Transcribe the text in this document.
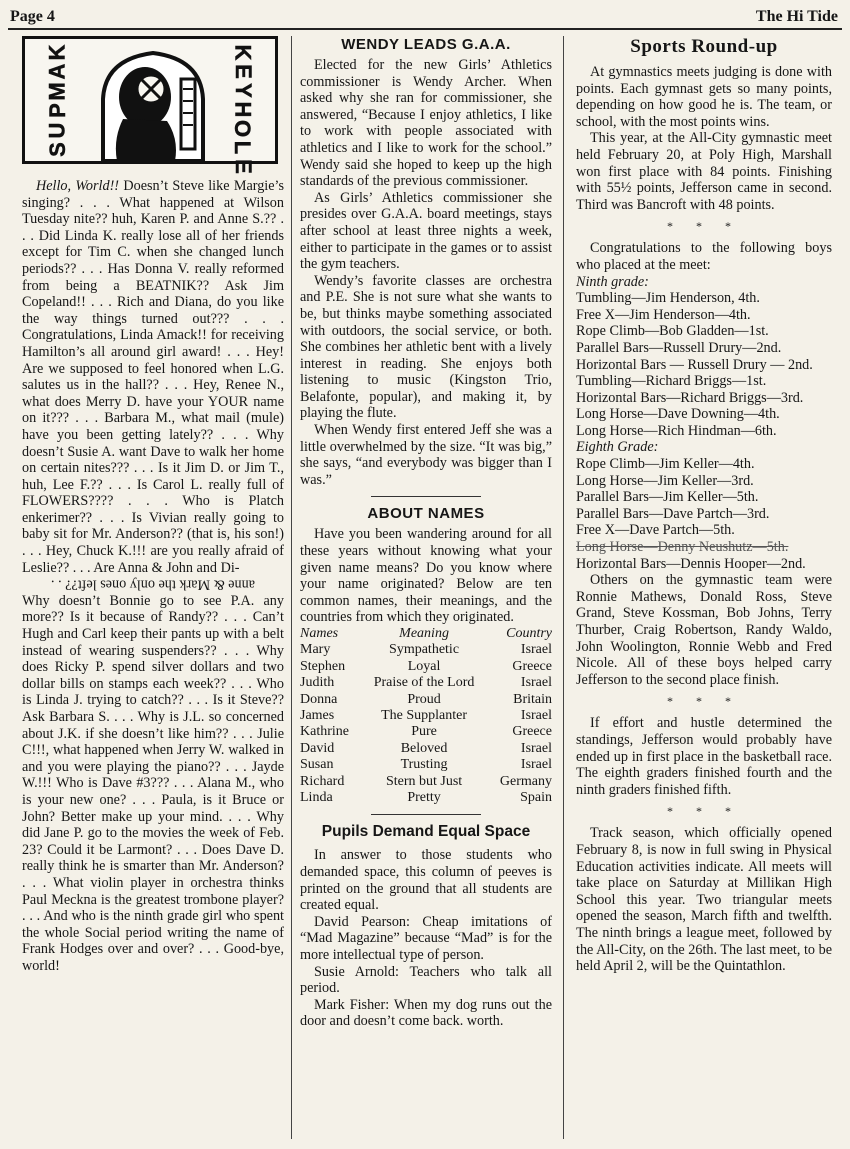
Page 4	The Hi Tide
K
A
M
P
U
S
K
E
Y
H
O
L
E

Hello, World!! Doesn’t Steve like Margie’s singing? . . . What happened at Wilson Tuesday nite?? huh, Karen P. and Anne S.?? . . . Did Linda K. really lose all of her friends except for Tim C. when she changed lunch periods?? . . . Has Donna V. really reformed from being a BEATNIK?? Ask Jim Copeland!! . . . Rich and Diana, do you like the way things turned out??? . . . Congratulations, Linda Amack!! for receiving Hamilton’s all around girl award! . . . Hey! Are we supposed to feel honored when L.G. salutes us in the hall?? . . . Hey, Renee N., what does Merry D. have your YOUR name on it??? . . . Barbara M., what mail (mule) have you been getting lately?? . . . Why doesn’t Susie A. want Dave to walk her home on certain nites??? . . . Is it Jim D. or Jim T., huh, Lee F.?? . . . Is Carol L. really full of FLOWERS???? . . . Who is Platch enkerimer?? . . . Is Vivian really going to baby sit for Mr. Anderson?? (that is, his son!) . . . Hey, Chuck K.!!! are you really afraid of Leslie?? . . . Are Anna & John and Di-

anne & Mark the only ones left?? . .

Why doesn’t Bonnie go to see P.A. any more?? Is it because of Randy?? . . . Can’t Hugh and Carl keep their pants up with a belt instead of wearing suspenders?? . . . Why does Ricky P. spend silver dollars and two dollar bills on stamps each week?? . . . Who is Linda J. trying to catch?? . . . Is it Steve?? Ask Barbara S. . . . Why is J.L. so concerned about J.K. if she doesn’t like him?? . . . Julie C!!!, what happened when Jerry W. walked in and you were playing the piano?? . . . Jayde W.!!! Who is Dave #3??? . . . Alana M., who is your new one? . . . Paula, is it Bruce or John? Better make up your mind. . . . Why did Jane P. go to the movies the week of Feb. 23? Could it be Larmont? . . . Does Dave D. really think he is smarter than Mr. Anderson? . . . What violin player in orchestra thinks Paul Meckna is the greatest trombone player? . . . And who is the ninth grade girl who spent the whole Social period writing the name of Frank Hodges over and over? . . . Good-bye, world!

WENDY LEADS G.A.A.

Elected for the new Girls’ Athletics commissioner is Wendy Archer. When asked why she ran for commissioner, she answered, “Because I enjoy athletics, I like to work with people associated with athletics and I like to work for the school.” Wendy said she hoped to keep up the high standards of the previous commissioner.

As Girls’ Athletics commissioner she presides over G.A.A. board meetings, stays after school at least three nights a week, either to participate in the games or to assist the gym teachers.

Wendy’s favorite classes are orchestra and P.E. She is not sure what she wants to be, but thinks maybe something associated with outdoors, the social service, or both. She combines her athletic bent with a lively interest in reading. She enjoys both listening to music (Kingston Trio, Belafonte, popular), and making it, by playing the flute.

When Wendy first entered Jeff she was a little overwhelmed by the size. “It was big,” she says, “and everybody was bigger than I was.”

ABOUT NAMES

Have you been wandering around for all these years without knowing what your given name means? Do you know where your name originated? Below are ten common names, their meanings, and the countries from which they originated.

Names	Meaning	Country
Mary	Sympathetic	Israel
Stephen	Loyal	Greece
Judith	Praise of the Lord	Israel
Donna	Proud	Britain
James	The Supplanter	Israel
Kathrine	Pure	Greece
David	Beloved	Israel
Susan	Trusting	Israel
Richard	Stern but Just	Germany
Linda	Pretty	Spain
Pupils Demand Equal Space

In answer to those students who demanded space, this column of peeves is printed on the ground that all students are created equal.

David Pearson: Cheap imitations of “Mad Magazine” because “Mad” is for the more intellectual type of person.

Susie Arnold: Teachers who talk all period.

Mark Fisher: When my dog runs out the door and doesn’t come back. worth.

Sports Round-up

At gymnastics meets judging is done with points. Each gymnast gets so many points, depending on how good he is. The team, or school, with the most points wins.

This year, at the All-City gymnastic meet held February 20, at Poly High, Marshall won first place with 84 points. Finishing with 55½ points, Jefferson came in second. Third was Bancroft with 48 points.

* * *

Congratulations to the following boys who placed at the meet:

Ninth grade:
Tumbling—Jim Henderson, 4th.
Free X—Jim Henderson—4th.
Rope Climb—Bob Gladden—1st.
Parallel Bars—Russell Drury—2nd.
Horizontal Bars — Russell Drury — 2nd.
Tumbling—Richard Briggs—1st.
Horizontal Bars—Richard Briggs—3rd.
Long Horse—Dave Downing—4th.
Long Horse—Rich Hindman—6th.
Eighth Grade:
Rope Climb—Jim Keller—4th.
Long Horse—Jim Keller—3rd.
Parallel Bars—Jim Keller—5th.
Parallel Bars—Dave Partch—3rd.
Free X—Dave Partch—5th.
Long Horse—Denny Neushutz—5th.
Horizontal Bars—Dennis Hooper—2nd.

Others on the gymnastic team were Ronnie Mathews, Donald Ross, Steve Grand, Steve Kossman, Bob Johns, Terry Thurber, Craig Robertson, Randy Waldo, John Woolington, Ronnie Webb and Fred Nicole. All of these boys helped carry Jefferson to the second place finish.

* * *

If effort and hustle determined the standings, Jefferson would probably have ended up in first place in the basketball race. The eighth graders finished fourth and the ninth graders finished fifth.

* * *

Track season, which officially opened February 8, is now in full swing in Physical Education activities indicate. All meets will take place on Saturday at Millikan High School this year. Two triangular meets opened the season, March fifth and twelfth. The ninth brings a league meet, followed by the All-City, on the 26th. The last meet, to be held April 2, will be the Quintathlon.
